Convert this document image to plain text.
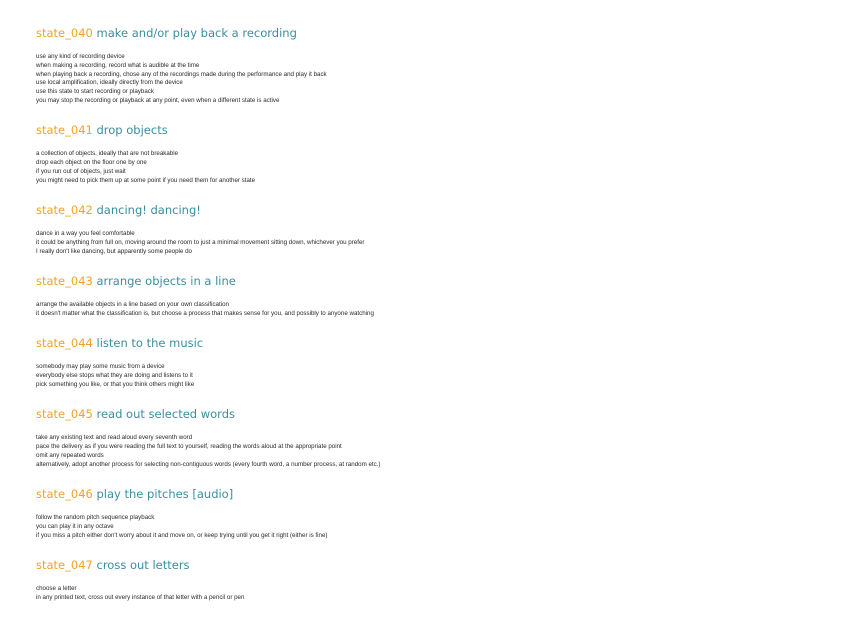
state_040 make and/or play back a recording
use any kind of recording device
when making a recording, record what is audible at the time
when playing back a recording, chose any of the recordings made during the performance and play it back
use local amplification, ideally directly from the device
use this state to start recording or playback
you may stop the recording or playback at any point, even when a different state is active
state_041 drop objects
a collection of objects, ideally that are not breakable
drop each object on the floor one by one
if you run out of objects, just wait
you might need to pick them up at some point if you need them for another state
state_042 dancing! dancing!
dance in a way you feel comfortable
it could be anything from full on, moving around the room to just a minimal movement sitting down, whichever you prefer
I really don't like dancing, but apparently some people do
state_043 arrange objects in a line
arrange the available objects in a line based on your own classification
it doesn't matter what the classification is, but choose a process that makes sense for you, and possibly to anyone watching
state_044 listen to the music
somebody may play some music from a device
everybody else stops what they are doing and listens to it
pick something you like, or that you think others might like
state_045 read out selected words
take any existing text and read aloud every seventh word
pace the delivery as if you were reading the full text to yourself, reading the words aloud at the appropriate point
omit any repeated words
alternatively, adopt another process for selecting non-contiguous words (every fourth word, a number process, at random etc.)
state_046 play the pitches [audio]
follow the random pitch sequence playback
you can play it in any octave
if you miss a pitch either don't worry about it and move on, or keep trying until you get it right (either is fine)
state_047 cross out letters
choose a letter
in any printed text, cross out every instance of that letter with a pencil or pen
